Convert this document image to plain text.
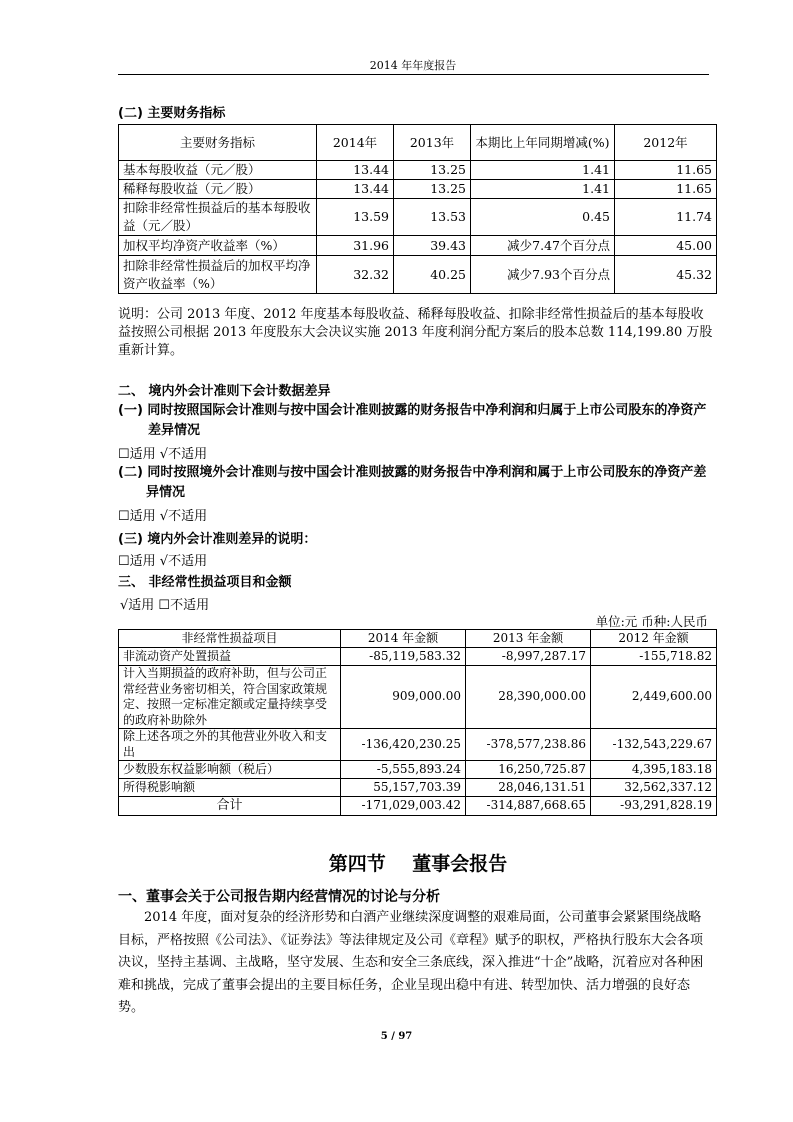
2014 年年度报告
(二) 主要财务指标
主要财务指标	2014年	2013年	本期比上年同期增减(%)	2012年
基本每股收益（元／股）	13.44	13.25	1.41	11.65
稀释每股收益（元／股）	13.44	13.25	1.41	11.65
扣除非经常性损益后的基本每股收益（元／股）	13.59	13.53	0.45	11.74
加权平均净资产收益率（%）	31.96	39.43	减少7.47个百分点	45.00
扣除非经常性损益后的加权平均净资产收益率（%）	32.32	40.25	减少7.93个百分点	45.32
说明：公司 2013 年度、2012 年度基本每股收益、稀释每股收益、扣除非经常性损益后的基本每股收益按照公司根据 2013 年度股东大会决议实施 2013 年度利润分配方案后的股本总数 114,199.80 万股重新计算。
二、 境内外会计准则下会计数据差异
(一) 同时按照国际会计准则与按中国会计准则披露的财务报告中净利润和归属于上市公司股东的净资产差异情况
☐适用 √不适用
(二) 同时按照境外会计准则与按中国会计准则披露的财务报告中净利润和属于上市公司股东的净资产差异情况
☐适用 √不适用
(三) 境内外会计准则差异的说明：
☐适用 √不适用
三、 非经常性损益项目和金额
√适用 ☐不适用
单位:元 币种:人民币
非经常性损益项目	2014 年金额	2013 年金额	2012 年金额
非流动资产处置损益	-85,119,583.32	-8,997,287.17	-155,718.82
计入当期损益的政府补助，但与公司正常经营业务密切相关，符合国家政策规定、按照一定标准定额或定量持续享受的政府补助除外	909,000.00	28,390,000.00	2,449,600.00
除上述各项之外的其他营业外收入和支出	-136,420,230.25	-378,577,238.86	-132,543,229.67
少数股东权益影响额（税后）	-5,555,893.24	16,250,725.87	4,395,183.18
所得税影响额	55,157,703.39	28,046,131.51	32,562,337.12
合计	-171,029,003.42	-314,887,668.65	-93,291,828.19
第四节    董事会报告
一、董事会关于公司报告期内经营情况的讨论与分析
2014 年度，面对复杂的经济形势和白酒产业继续深度调整的艰难局面，公司董事会紧紧围绕战略目标，严格按照《公司法》、《证券法》等法律规定及公司《章程》赋予的职权，严格执行股东大会各项决议，坚持主基调、主战略，坚守发展、生态和安全三条底线，深入推进“十企”战略，沉着应对各种困难和挑战，完成了董事会提出的主要目标任务，企业呈现出稳中有进、转型加快、活力增强的良好态势。
5 / 97
